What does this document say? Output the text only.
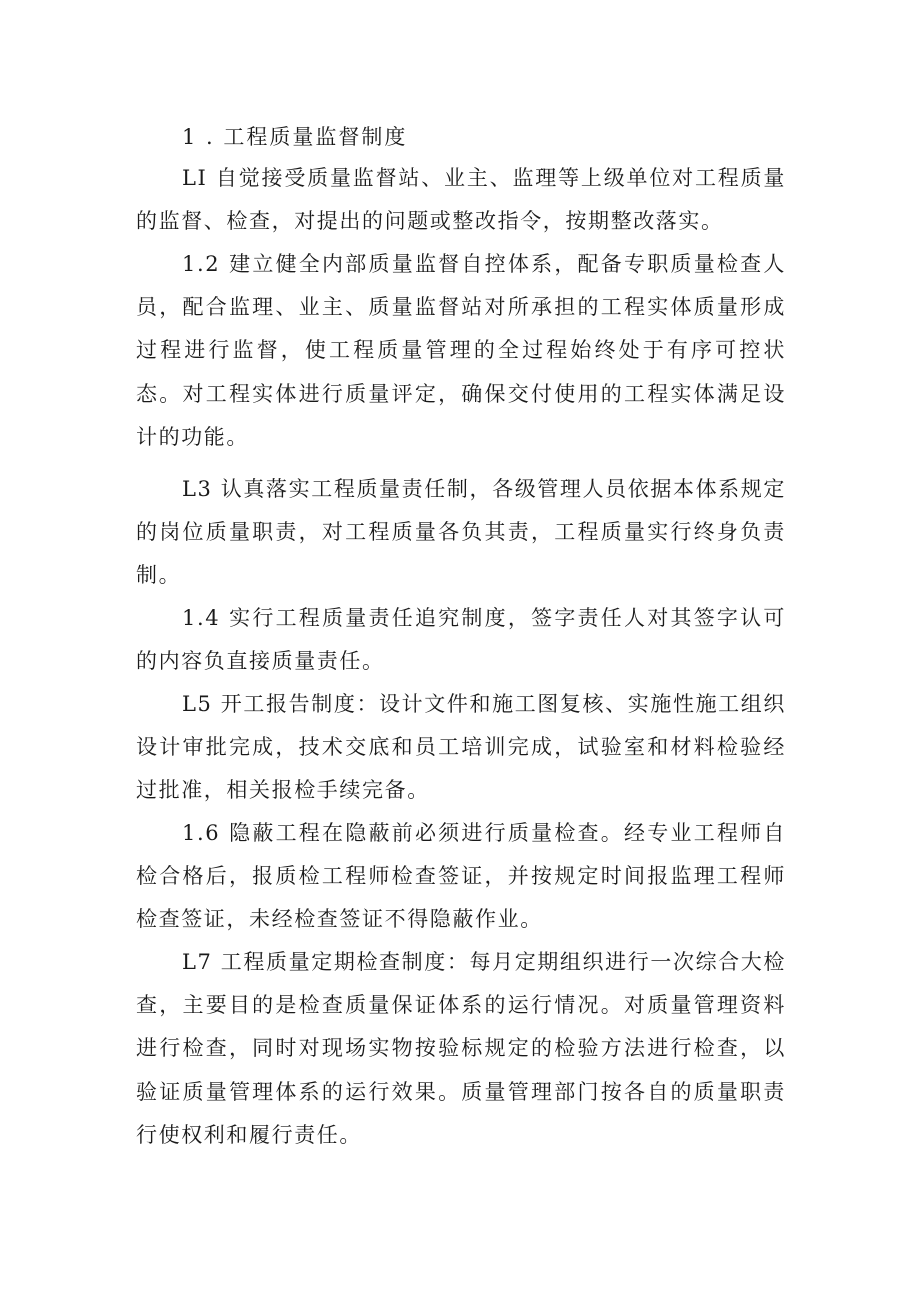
1 . 工程质量监督制度

LI 自觉接受质量监督站、业主、监理等上级单位对工程质量的监督、检查，对提出的问题或整改指令，按期整改落实。

1.2 建立健全内部质量监督自控体系，配备专职质量检查人员，配合监理、业主、质量监督站对所承担的工程实体质量形成过程进行监督，使工程质量管理的全过程始终处于有序可控状态。对工程实体进行质量评定，确保交付使用的工程实体满足设计的功能。

L3 认真落实工程质量责任制，各级管理人员依据本体系规定的岗位质量职责，对工程质量各负其责，工程质量实行终身负责制。

1.4 实行工程质量责任追究制度，签字责任人对其签字认可的内容负直接质量责任。

L5 开工报告制度：设计文件和施工图复核、实施性施工组织设计审批完成，技术交底和员工培训完成，试验室和材料检验经过批准，相关报检手续完备。

1.6 隐蔽工程在隐蔽前必须进行质量检查。经专业工程师自检合格后，报质检工程师检查签证，并按规定时间报监理工程师检查签证，未经检查签证不得隐蔽作业。

L7 工程质量定期检查制度：每月定期组织进行一次综合大检查，主要目的是检查质量保证体系的运行情况。对质量管理资料进行检查，同时对现场实物按验标规定的检验方法进行检查，以验证质量管理体系的运行效果。质量管理部门按各自的质量职责行使权利和履行责任。
